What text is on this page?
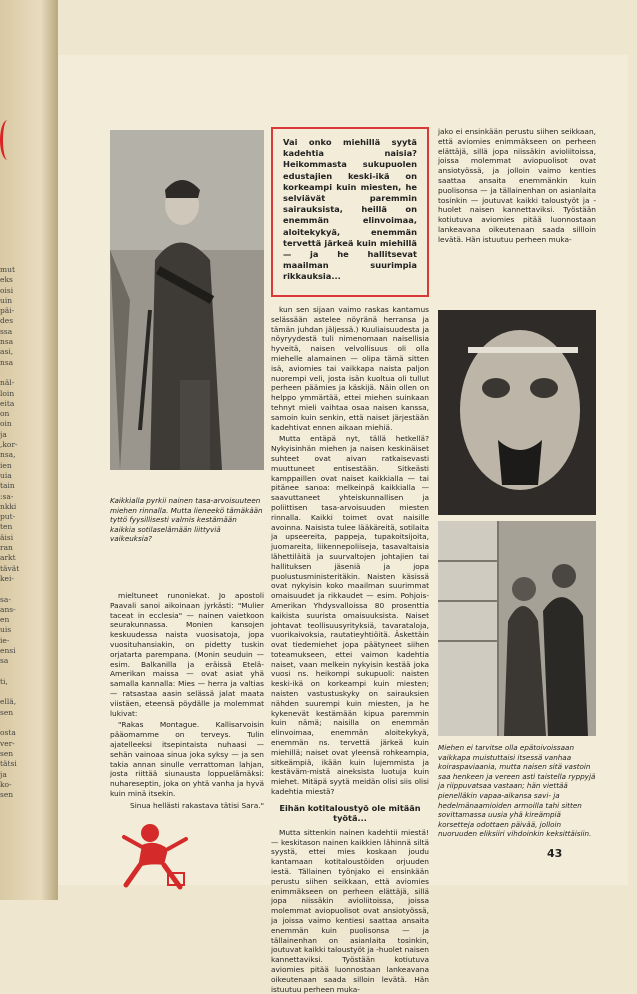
mut
eks
oisi
uin
päi-
des
ssa
nsa
asi,
nsa

näl-
loin
eita
on
oin
ja
,kor-
nsa,
ien
uia
tain
:sa-
nkki
put-
ten
äisi
ran
arkt
tävät
kei-

sa-
ans-
en
uis
ie-
ensi
sa

ti,

ellä,
sen

osta
ver-
sen
tätsi
ja
ko-
sen
Kaikkialla pyrkii nainen tasa-arvoisuuteen miehen rinnalla. Mutta lieneekö tämäkään tyttö fyysillisesti valmis kestämään kaikkia sotilaselämään liittyviä vaikeuksia?
Vai onko miehillä syytä kadehtia naisia? Heikommasta sukupuolen edustajien keski-ikä on korkeampi kuin miesten, he selviävät paremmin sairauksista, heillä on enemmän elinvoimaa, aloitekykyä, enemmän tervettä järkeä kuin miehillä — ja he hallitsevat maailman suurimpia rikkauksia...

mieltuneet runoniekat. Jo apostoli Paavali sanoi aikoinaan jyrkästi: "Mulier taceat in ecclesia" — nainen vaietkoon seurakunnassa. Monien kansojen keskuudessa naista vuosisatoja, jopa vuosituhansiakin, on pidetty tuskin orjatarta parempana. (Monin seuduin — esim. Balkanilla ja eräissä Etelä-Amerikan maissa — ovat asiat yhä samalla kannalla: Mies — herra ja valtias — ratsastaa aasin selässä jalat maata viistäen, eteensä pöydälle ja molemmat lukivat:

"Rakas Montague. Kallisarvoisin pääomamme on terveys. Tulin ajatelleeksi itsepintaista nuhaasi — sehän vainoaa sinua joka syksy — ja sen takia annan sinulle verrattoman lahjan, josta riittää siunausta loppuelämäksi: nuhareseptin, joka on yhtä vanha ja hyvä kuin minä itsekin.

Sinua hellästi rakastava tätisi Sara."

kun sen sijaan vaimo raskas kantamus selässään astelee nöyränä herransa ja tämän juhdan jäljessä.) Kuuliaisuudesta ja nöyryydestä tuli nimenomaan naisellisia hyveitä, naisen velvollisuus oli olla miehelle alamainen — olipa tämä sitten isä, aviomies tai vaikkapa naista paljon nuorempi veli, josta isän kuoltua oli tullut perheen päämies ja käskijä. Näin ollen on helppo ymmärtää, ettei miehen suinkaan tehnyt mieli vaihtaa osaa naisen kanssa, samoin kuin senkin, että naiset järjestään kadehtivat ennen aikaan miehiä.

Mutta entäpä nyt, tällä hetkellä? Nykyisinhän miehen ja naisen keskinäiset suhteet ovat aivan ratkaisevasti muuttuneet entisestään. Sitkeästi kamppaillen ovat naiset kaikkialla — tai pitänee sanoa: melkeinpä kaikkialla — saavuttaneet yhteiskunnallisen ja poliittisen tasa-arvoisuuden miesten rinnalla. Kaikki toimet ovat naisille avoinna. Naisista tulee lääkäreitä, sotilaita ja upseereita, pappeja, tupakoitsijoita, juomareita, liikennepoliiseja, tasavaltaisia lähettiläitä ja suurvaltojen johtajien tai hallituksen jäseniä ja jopa puolustusministeritäkin. Naisten käsissä ovat nykyisin koko maailman suurimmat omaisuudet ja rikkaudet — esim. Pohjois-Amerikan Yhdysvalloissa 80 prosenttia kaikista suurista omaisuuksista. Naiset johtavat teollisuusyrityksiä, tavarataloja, vuorikaivoksia, rautatieyhtiöitä. Äskettäin ovat tiedemiehet jopa päätyneet siihen toteamukseen, ettei vaimon kadehtia naiset, vaan melkein nykyisin kestää joka vuosi ns. heikompi sukupuoli: naisten keski-ikä on korkeampi kuin miesten; naisten vastustuskyky on sairauksien nähden suurempi kuin miesten, ja he kykenevät kestämään kipua paremmin kuin nämä; naisilla on enemmän elinvoimaa, enemmän aloitekykyä, enemmän ns. tervettä järkeä kuin miehillä; naiset ovat yleensä rohkeampia, sitkeämpiä, ikään kuin lujemmista ja kestäväm-mistä aineksista luotuja kuin miehet. Mitäpä syytä meidän olisi siis olisi kadehtia miestä?

Eihän kotitaloustyö ole mitään työtä...

Mutta sittenkin nainen kadehtii miestä! — keskitason nainen kaikkien lähinnä siltä syystä, ettei mies koskaan joudu kantamaan kotitaloustöiden orjuuden iestä. Tällainen työnjako ei ensinkään perustu siihen seikkaan, että aviomies enimmäkseen on perheen elättäjä, sillä jopa niissäkin avioliitoissa, joissa molemmat aviopuolisot ovat ansiotyössä, ja joissa vaimo kentiesi saattaa ansaita enemmän kuin puolisonsa — ja tällainenhan on asianlaita tosinkin, joutuvat kaikki taloustyöt ja -huolet naisen kannettaviksi. Työstään kotiutuva aviomies pitää luonnostaan lankeavana oikeutenaan saada silloin levätä. Hän istuutuu perheen muka-

jako ei ensinkään perustu siihen seikkaan, että aviomies enimmäkseen on perheen elättäjä, sillä jopa niissäkin avioliitoissa, joissa molemmat aviopuolisot ovat ansiotyössä, ja jolloin vaimo kenties saattaa ansaita enemmänkin kuin puolisonsa — ja tällainenhan on asianlaita tosinkin — joutuvat kaikki taloustyöt ja -huolet naisen kannettaviksi. Työstään kotiutuva aviomies pitää luonnostaan lankeavana oikeutenaan saada sillloin levätä. Hän istuutuu perheen muka-

Miehen ei tarvitse olla epätoivoissaan vaikkapa muistuttaisi itsessä vanhaa koiraspaviaania, mutta naisen sitä vastoin saa henkeen ja vereen asti taistella ryppyjä ja riippuvatsaa vastaan; hän viettää pienelläkin vapaa-aikansa savi- ja hedelmänaamioiden armoilla tahi sitten sovittamassa uusia yhä kireämpiä korsetteja odottaen päivää, jolloin nuoruuden eliksiiri vihdoinkin keksittäisiin.
43
